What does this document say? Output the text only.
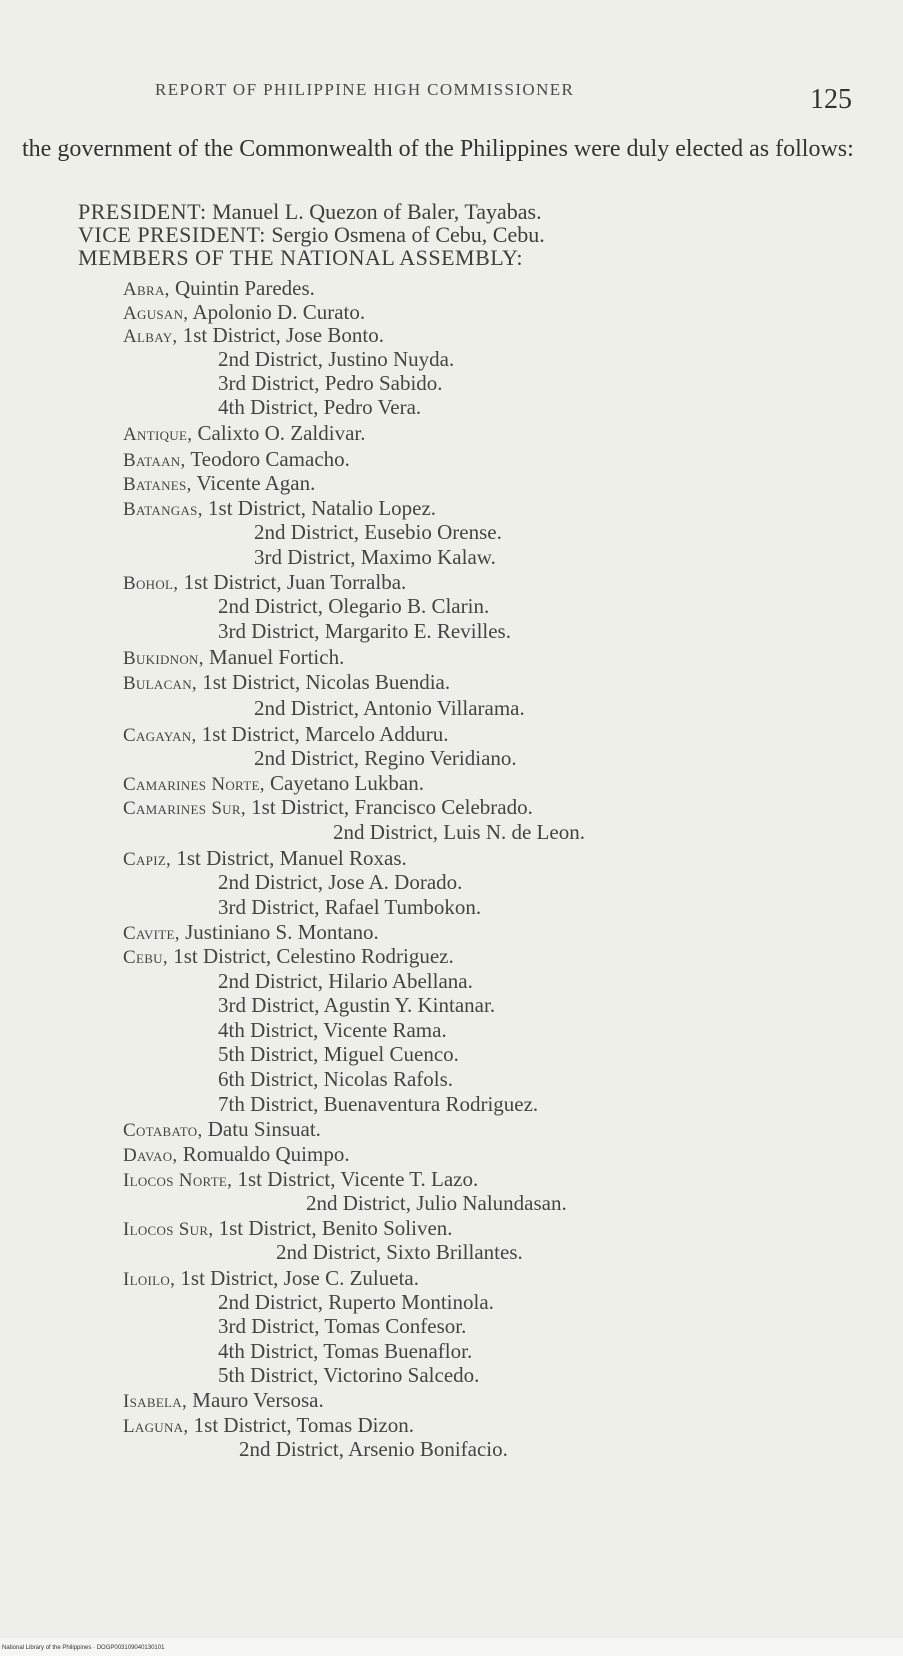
REPORT OF PHILIPPINE HIGH COMMISSIONER	125
the government of the Commonwealth of the Philippines were duly elected as follows:
PRESIDENT: Manuel L. Quezon of Baler, Tayabas.
VICE PRESIDENT: Sergio Osmena of Cebu, Cebu.
MEMBERS OF THE NATIONAL ASSEMBLY:
Abra, Quintin Paredes.
Agusan, Apolonio D. Curato.
Albay, 1st District, Jose Bonto.
2nd District, Justino Nuyda.
3rd District, Pedro Sabido.
4th District, Pedro Vera.
Antique, Calixto O. Zaldivar.
Bataan, Teodoro Camacho.
Batanes, Vicente Agan.
Batangas, 1st District, Natalio Lopez.
2nd District, Eusebio Orense.
3rd District, Maximo Kalaw.
Bohol, 1st District, Juan Torralba.
2nd District, Olegario B. Clarin.
3rd District, Margarito E. Revilles.
Bukidnon, Manuel Fortich.
Bulacan, 1st District, Nicolas Buendia.
2nd District, Antonio Villarama.
Cagayan, 1st District, Marcelo Adduru.
2nd District, Regino Veridiano.
Camarines Norte, Cayetano Lukban.
Camarines Sur, 1st District, Francisco Celebrado.
2nd District, Luis N. de Leon.
Capiz, 1st District, Manuel Roxas.
2nd District, Jose A. Dorado.
3rd District, Rafael Tumbokon.
Cavite, Justiniano S. Montano.
Cebu, 1st District, Celestino Rodriguez.
2nd District, Hilario Abellana.
3rd District, Agustin Y. Kintanar.
4th District, Vicente Rama.
5th District, Miguel Cuenco.
6th District, Nicolas Rafols.
7th District, Buenaventura Rodriguez.
Cotabato, Datu Sinsuat.
Davao, Romualdo Quimpo.
Ilocos Norte, 1st District, Vicente T. Lazo.
2nd District, Julio Nalundasan.
Ilocos Sur, 1st District, Benito Soliven.
2nd District, Sixto Brillantes.
Iloilo, 1st District, Jose C. Zulueta.
2nd District, Ruperto Montinola.
3rd District, Tomas Confesor.
4th District, Tomas Buenaflor.
5th District, Victorino Salcedo.
Isabela, Mauro Versosa.
Laguna, 1st District, Tomas Dizon.
2nd District, Arsenio Bonifacio.
National Library of the Philippines · DOGP003109040130101
